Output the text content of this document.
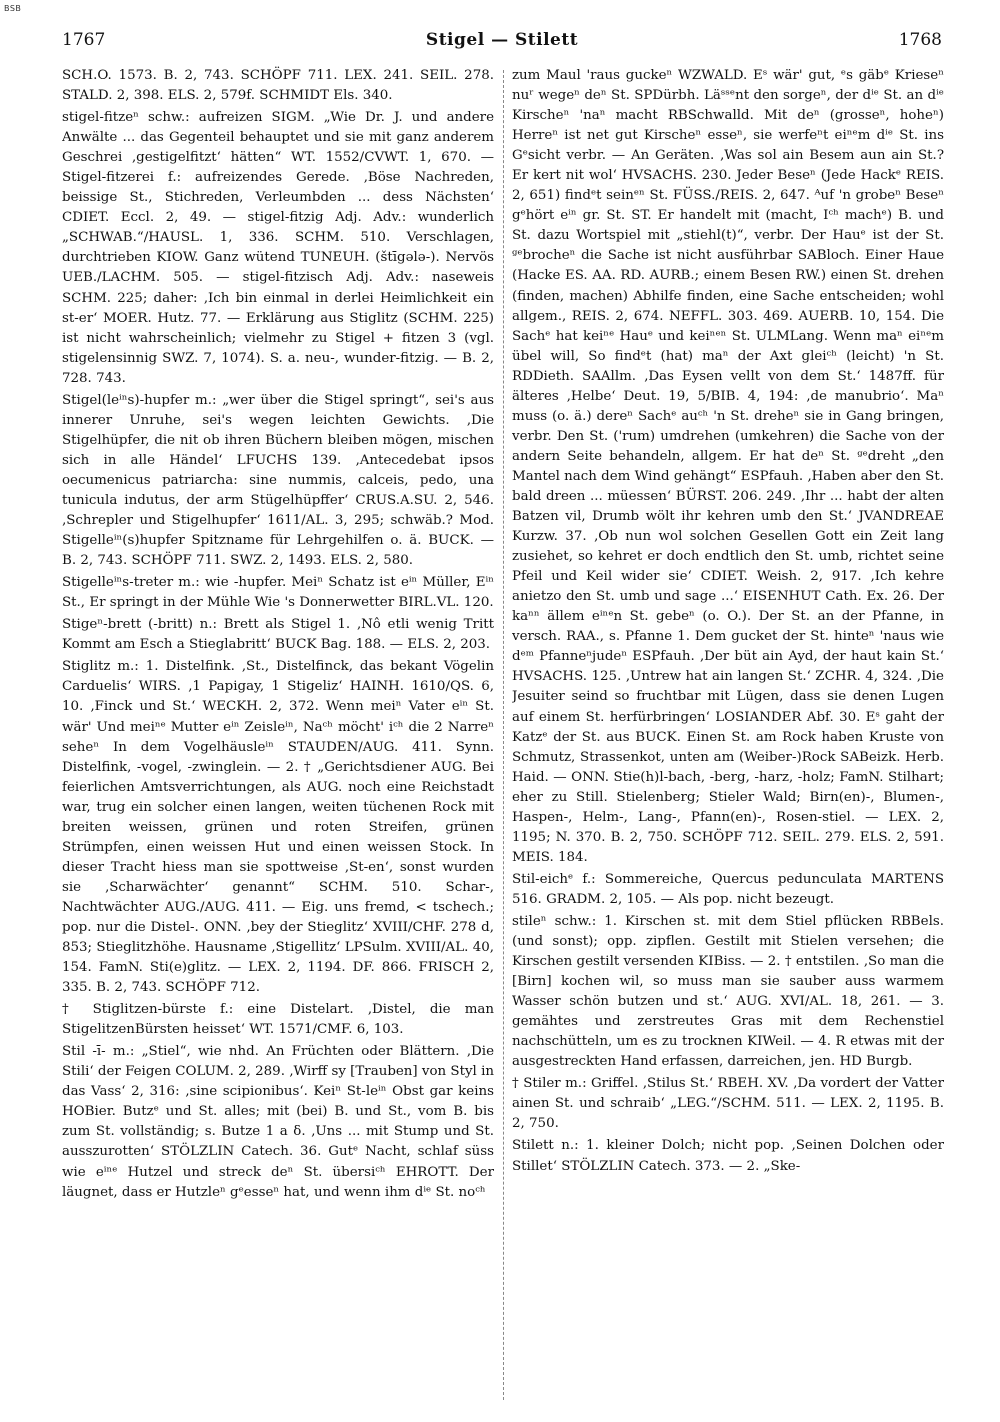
BSB
1767	Stigel — Stilett	1768

SCH.O. 1573. B. 2, 743. SCHÖPF 711. LEX. 241. SEIL. 278. STALD. 2, 398. ELS. 2, 579f. SCHMIDT Els. 340.

stigel-fitzeⁿ schw.: aufreizen SIGM. „Wie Dr. J. und andere Anwälte ... das Gegenteil behauptet und sie mit ganz anderem Geschrei ‚gestigelfitzt‘ hätten“ WT. 1552/CVWT. 1, 670. — Stigel-fitzerei f.: aufreizendes Gerede. ‚Böse Nachreden, beissige St., Stichreden, Verleumbden ... dess Nächsten‘ CDIET. Eccl. 2, 49. — stigel-fitzig Adj. Adv.: wunderlich „SCHWAB.“/HAUSL. 1, 336. SCHM. 510. Verschlagen, durchtrieben KIOW. Ganz wütend TUNEUH. (štīgələ-). Nervös UEB./LACHM. 505. — stigel-fitzisch Adj. Adv.: naseweis SCHM. 225; daher: ‚Ich bin einmal in derlei Heimlichkeit ein st-er‘ MOER. Hutz. 77. — Erklärung aus Stiglitz (SCHM. 225) ist nicht wahrscheinlich; vielmehr zu Stigel + fitzen 3 (vgl. stigelensinnig SWZ. 7, 1074). S. a. neu-, wunder-fitzig. — B. 2, 728. 743.

Stigel(leⁱⁿs)-hupfer m.: „wer über die Stigel springt“, sei's aus innerer Unruhe, sei's wegen leichten Gewichts. ‚Die Stigelhüpfer, die nit ob ihren Büchern bleiben mögen, mischen sich in alle Händel‘ LFUCHS 139. ‚Antecedebat ipsos oecumenicus patriarcha: sine nummis, calceis, pedo, una tunicula indutus, der arm Stügelhüpffer‘ CRUS.A.SU. 2, 546. ‚Schrepler und Stigelhupfer‘ 1611/AL. 3, 295; schwäb.? Mod. Stigelleⁱⁿ(s)hupfer Spitzname für Lehrgehilfen o. ä. BUCK. — B. 2, 743. SCHÖPF 711. SWZ. 2, 1493. ELS. 2, 580.

Stigelleⁱⁿs-treter m.: wie -hupfer. Meiⁿ Schatz ist eⁱⁿ Müller, Eⁱⁿ St., Er springt in der Mühle Wie 's Donnerwetter BIRL.VL. 120.

Stigeⁿ-brett (-britt) n.: Brett als Stigel 1. ‚Nô etli wenig Tritt Kommt am Esch a Stieglabritt‘ BUCK Bag. 188. — ELS. 2, 203.

Stiglitz m.: 1. Distelfink. ‚St., Distelfinck, das bekant Vögelin Carduelis‘ WIRS. ‚1 Papigay, 1 Stigeliz‘ HAINH. 1610/QS. 6, 10. ‚Finck und St.‘ WECKH. 2, 372. Wenn meiⁿ Vater eⁱⁿ St. wär' Und meiⁿᵉ Mutter eⁱⁿ Zeisleⁱⁿ, Naᶜʰ möcht' iᶜʰ die 2 Narreⁿ seheⁿ In dem Vogelhäusleⁱⁿ STAUDEN/AUG. 411. Synn. Distelfink, -vogel, -zwinglein. — 2. † „Gerichtsdiener AUG. Bei feierlichen Amtsverrichtungen, als AUG. noch eine Reichstadt war, trug ein solcher einen langen, weiten tüchenen Rock mit breiten weissen, grünen und roten Streifen, grünen Strümpfen, einen weissen Hut und einen weissen Stock. In dieser Tracht hiess man sie spottweise ‚St-en‘, sonst wurden sie ‚Scharwächter‘ genannt“ SCHM. 510. Schar-, Nachtwächter AUG./AUG. 411. — Eig. uns fremd, < tschech.; pop. nur die Distel-. ONN. ‚bey der Stieglitz‘ XVIII/CHF. 278 d, 853; Stieglitzhöhe. Hausname ‚Stigellitz‘ LPSulm. XVIII/AL. 40, 154. FamN. Sti(e)glitz. — LEX. 2, 1194. DF. 866. FRISCH 2, 335. B. 2, 743. SCHÖPF 712.

† Stiglitzen-bürste f.: eine Distelart. ‚Distel, die man StigelitzenBürsten heisset‘ WT. 1571/CMF. 6, 103.

Stil -ī- m.: „Stiel“, wie nhd. An Früchten oder Blättern. ‚Die Stili‘ der Feigen COLUM. 2, 289. ‚Wirff sy [Trauben] von Styl in das Vass‘ 2, 316: ‚sine scipionibus‘. Keiⁿ St-leⁱⁿ Obst gar keins HOBier. Butzᵉ und St. alles; mit (bei) B. und St., vom B. bis zum St. vollständig; s. Butze 1 a δ. ‚Uns ... mit Stump und St. ausszurotten‘ STÖLZLIN Catech. 36. Gutᵉ Nacht, schlaf süss wie eⁱⁿᵉ Hutzel und streck deⁿ St. übersiᶜʰ EHROTT. Der läugnet, dass er Hutzleⁿ gᵉesseⁿ hat, und wenn ihm dⁱᵉ St. noᶜʰ

zum Maul 'raus guckeⁿ WZWALD. Eˢ wär' gut, ᵉs gäbᵉ Krieseⁿ nuʳ wegeⁿ deⁿ St. SPDürbh. Läˢˢᵉnt den sorgeⁿ, der dⁱᵉ St. an dⁱᵉ Kirscheⁿ 'naⁿ macht RBSchwalld. Mit deⁿ (grosseⁿ, hoheⁿ) Herreⁿ ist net gut Kirscheⁿ esseⁿ, sie werfeⁿt eiⁿᵉm dⁱᵉ St. ins Gᵉsicht verbr. — An Geräten. ‚Was sol ain Besem aun ain St.? Er kert nit wol‘ HVSACHS. 230. Jeder Beseⁿ (Jede Hackᵉ REIS. 2, 651) findᵉt seinᵉⁿ St. FÜSS./REIS. 2, 647. ᴬuf 'n grobeⁿ Beseⁿ gᵉhört eⁱⁿ gr. St. ST. Er handelt mit (macht, Iᶜʰ machᵉ) B. und St. dazu Wortspiel mit „stiehl(t)“, verbr. Der Hauᵉ ist der St. ᵍᵉbrocheⁿ die Sache ist nicht ausführbar SABloch. Einer Haue (Hacke ES. AA. RD. AURB.; einem Besen RW.) einen St. drehen (finden, machen) Abhilfe finden, eine Sache entscheiden; wohl allgem., REIS. 2, 674. NEFFL. 303. 469. AUERB. 10, 154. Die Sachᵉ hat keiⁿᵉ Hauᵉ und keiⁿᵉⁿ St. ULMLang. Wenn maⁿ eiⁿᵉm übel will, So findᵉt (hat) maⁿ der Axt gleiᶜʰ (leicht) 'n St. RDDieth. SAAllm. ‚Das Eysen vellt von dem St.‘ 1487ff. für älteres ‚Helbe‘ Deut. 19, 5/BIB. 4, 194: ‚de manubrio‘. Maⁿ muss (o. ä.) dereⁿ Sachᵉ auᶜʰ 'n St. dreheⁿ sie in Gang bringen, verbr. Den St. ('rum) umdrehen (umkehren) die Sache von der andern Seite behandeln, allgem. Er hat deⁿ St. ᵍᵉdreht „den Mantel nach dem Wind gehängt“ ESPfauh. ‚Haben aber den St. bald dreen ... müessen‘ BÜRST. 206. 249. ‚Ihr ... habt der alten Batzen vil, Drumb wölt ihr kehren umb den St.‘ JVANDREAE Kurzw. 37. ‚Ob nun wol solchen Gesellen Gott ein Zeit lang zusiehet, so kehret er doch endtlich den St. umb, richtet seine Pfeil und Keil wider sie‘ CDIET. Weish. 2, 917. ‚Ich kehre anietzo den St. umb und sage ...‘ EISENHUT Cath. Ex. 26. Der kaⁿⁿ ällem eⁱⁿᵉn St. gebeⁿ (o. O.). Der St. an der Pfanne, in versch. RAA., s. Pfanne 1. Dem gucket der St. hinteⁿ 'naus wie dᵉᵐ Pfanneⁿjudeⁿ ESPfauh. ‚Der büt ain Ayd, der haut kain St.‘ HVSACHS. 125. ‚Untrew hat ain langen St.‘ ZCHR. 4, 324. ‚Die Jesuiter seind so fruchtbar mit Lügen, dass sie denen Lugen auf einem St. herfürbringen‘ LOSIANDER Abf. 30. Eˢ gaht der Katzᵉ der St. aus BUCK. Einen St. am Rock haben Kruste von Schmutz, Strassenkot, unten am (Weiber-)Rock SABeizk. Herb. Haid. — ONN. Stie(h)l-bach, -berg, -harz, -holz; FamN. Stilhart; eher zu Still. Stielenberg; Stieler Wald; Birn(en)-, Blumen-, Haspen-, Helm-, Lang-, Pfann(en)-, Rosen-stiel. — LEX. 2, 1195; N. 370. B. 2, 750. SCHÖPF 712. SEIL. 279. ELS. 2, 591. MEIS. 184.

Stil-eichᵉ f.: Sommereiche, Quercus pedunculata MARTENS 516. GRADM. 2, 105. — Als pop. nicht bezeugt.

stileⁿ schw.: 1. Kirschen st. mit dem Stiel pflücken RBBels. (und sonst); opp. zipflen. Gestilt mit Stielen versehen; die Kirschen gestilt versenden KIBiss. — 2. † entstilen. ‚So man die [Birn] kochen wil, so muss man sie sauber auss warmem Wasser schön butzen und st.‘ AUG. XVI/AL. 18, 261. — 3. gemähtes und zerstreutes Gras mit dem Rechenstiel nachschütteln, um es zu trocknen KIWeil. — 4. R etwas mit der ausgestreckten Hand erfassen, darreichen, jen. HD Burgb.

† Stiler m.: Griffel. ‚Stilus St.‘ RBEH. XV. ‚Da vordert der Vatter ainen St. und schraib‘ „LEG.“/SCHM. 511. — LEX. 2, 1195. B. 2, 750.

Stilett n.: 1. kleiner Dolch; nicht pop. ‚Seinen Dolchen oder Stillet‘ STÖLZLIN Catech. 373. — 2. „Ske-
